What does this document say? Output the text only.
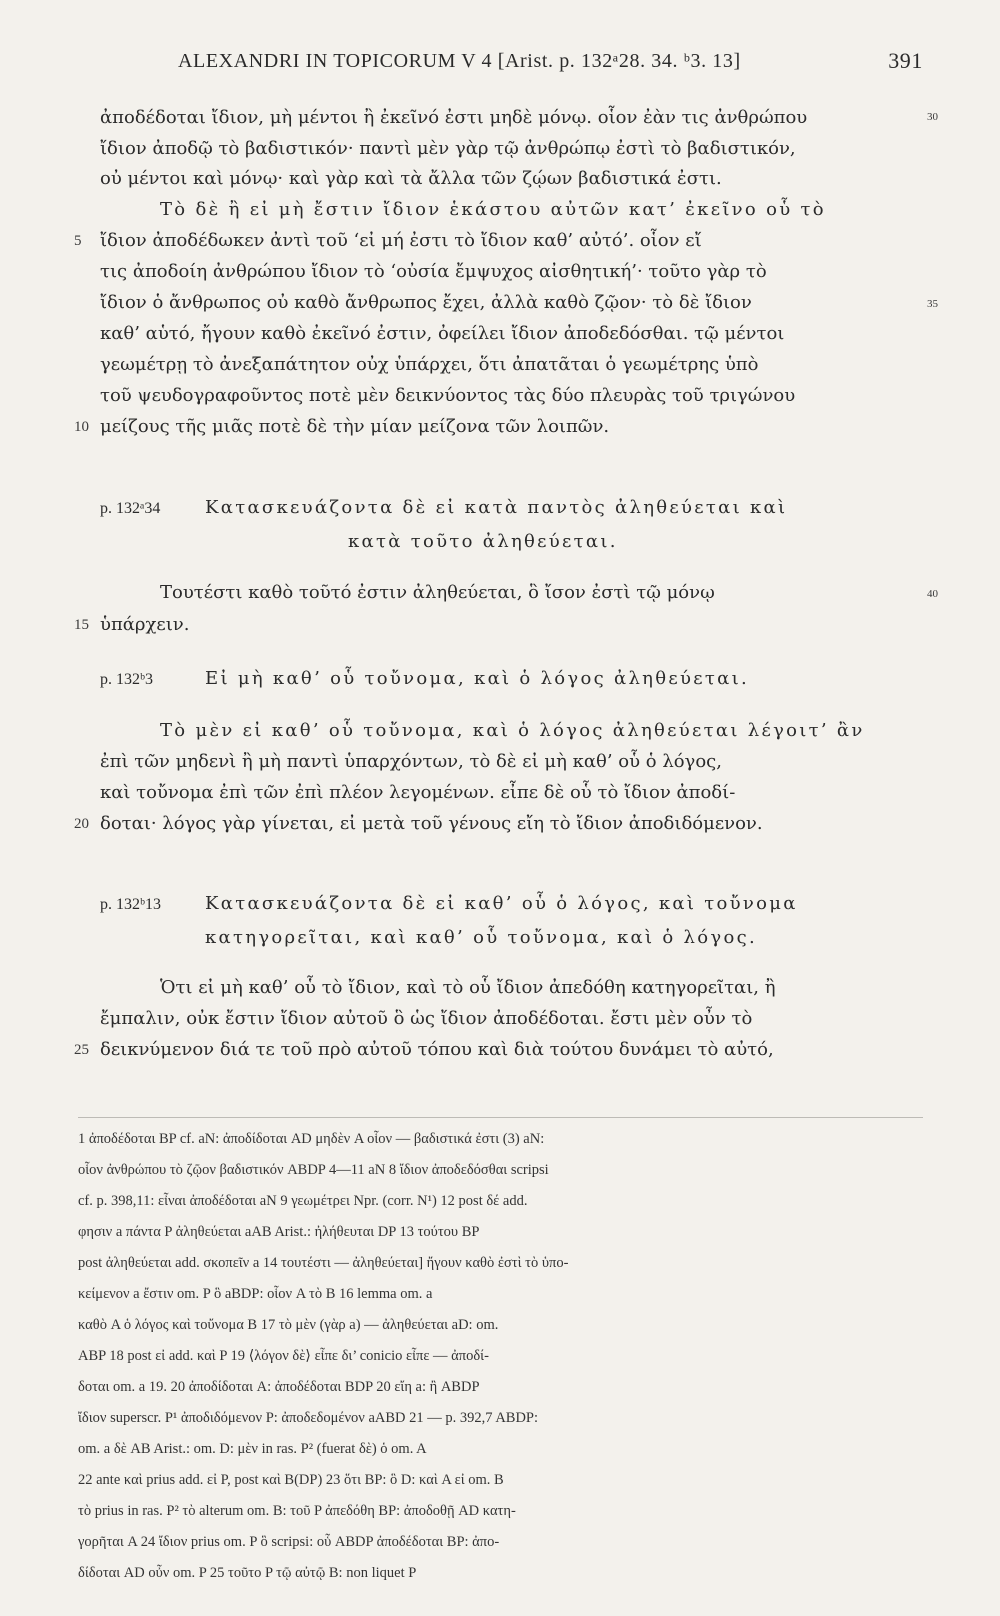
ALEXANDRI IN TOPICORUM V 4 [Arist. p. 132ᵃ28. 34. ᵇ3. 13]	391
ἀποδέδοται ἴδιον, μὴ μέντοι ἢ ἐκεῖνό ἐστι μηδὲ μόνῳ. οἷον ἐὰν τις ἀνθρώπου
ἴδιον ἀποδῷ τὸ βαδιστικόν· παντὶ μὲν γὰρ τῷ ἀνθρώπῳ ἐστὶ τὸ βαδιστικόν,
οὐ μέντοι καὶ μόνῳ· καὶ γὰρ καὶ τὰ ἄλλα τῶν ζῴων βαδιστικά ἐστι.
Τὸ δὲ ἢ εἰ μὴ ἔστιν ἴδιον ἑκάστου αὐτῶν κατ’ ἐκεῖνο οὗ τὸ
ἴδιον ἀποδέδωκεν ἀντὶ τοῦ ‘εἰ μή ἐστι τὸ ἴδιον καθ’ αὐτό’. οἷον εἴ
τις ἀποδοίη ἀνθρώπου ἴδιον τὸ ‘οὐσία ἔμψυχος αἰσθητική’· τοῦτο γὰρ τὸ
ἴδιον ὁ ἄνθρωπος οὐ καθὸ ἄνθρωπος ἔχει, ἀλλὰ καθὸ ζῷον· τὸ δὲ ἴδιον
καθ’ αὑτό, ἤγουν καθὸ ἐκεῖνό ἐστιν, ὀφείλει ἴδιον ἀποδεδόσθαι. τῷ μέντοι
γεωμέτρῃ τὸ ἀνεξαπάτητον οὐχ ὑπάρχει, ὅτι ἀπατᾶται ὁ γεωμέτρης ὑπὸ
τοῦ ψευδογραφοῦντος ποτὲ μὲν δεικνύοντος τὰς δύο πλευρὰς τοῦ τριγώνου
μείζους τῆς μιᾶς ποτὲ δὲ τὴν μίαν μείζονα τῶν λοιπῶν.
p. 132ᵃ34 Κατασκευάζοντα δὲ εἰ κατὰ παντὸς ἀληθεύεται καὶ
κατὰ τοῦτο ἀληθεύεται.
Τουτέστι καθὸ τοῦτό ἐστιν ἀληθεύεται, ὃ ἴσον ἐστὶ τῷ μόνῳ
ὑπάρχειν.
p. 132ᵇ3	Εἰ μὴ καθ’ οὗ τοὔνομα, καὶ ὁ λόγος ἀληθεύεται.
Τὸ μὲν εἰ καθ’ οὗ τοὔνομα, καὶ ὁ λόγος ἀληθεύεται λέγοιτ’ ἂν
ἐπὶ τῶν μηδενὶ ἢ μὴ παντὶ ὑπαρχόντων, τὸ δὲ εἰ μὴ καθ’ οὗ ὁ λόγος,
καὶ τοὔνομα ἐπὶ τῶν ἐπὶ πλέον λεγομένων. εἶπε δὲ οὗ τὸ ἴδιον ἀποδί-
δοται· λόγος γὰρ γίνεται, εἰ μετὰ τοῦ γένους εἴη τὸ ἴδιον ἀποδιδόμενον.
p. 132ᵇ13 Κατασκευάζοντα δὲ εἰ καθ’ οὗ ὁ λόγος, καὶ τοὔνομα
κατηγορεῖται, καὶ καθ’ οὗ τοὔνομα, καὶ ὁ λόγος.
Ὁτι εἰ μὴ καθ’ οὗ τὸ ἴδιον, καὶ τὸ οὗ ἴδιον ἀπεδόθη κατηγορεῖται, ἢ
ἔμπαλιν, οὐκ ἔστιν ἴδιον αὐτοῦ ὃ ὡς ἴδιον ἀποδέδοται. ἔστι μὲν οὖν τὸ
δεικνύμενον διά τε τοῦ πρὸ αὐτοῦ τόπου καὶ διὰ τούτου δυνάμει τὸ αὐτό,
5
10
15
20
25
30
35
40
1 ἀποδέδοται BP cf. aN: ἀποδίδοται AD μηδὲν A οἷον — βαδιστικά ἐστι (3) aN:
οἷον ἀνθρώπου τὸ ζῷον βαδιστικόν ABDP 4—11 aN 8 ἴδιον ἀποδεδόσθαι scripsi
cf. p. 398,11: εἶναι ἀποδέδοται aN 9 γεωμέτρει Npr. (corr. N¹) 12 post δέ add.
φησιν a πάντα P ἀληθεύεται aAB Arist.: ἠλήθευται DP 13 τούτου BP
post ἀληθεύεται add. σκοπεῖν a 14 τουτέστι — ἀληθεύεται] ἤγουν καθὸ ἐστὶ τὸ ὑπο-
κείμενον a ἔστιν om. P ὃ aBDP: οἷον A τὸ B 16 lemma om. a
καθὸ A ὁ λόγος καὶ τοὔνομα B 17 τὸ μὲν (γὰρ a) — ἀληθεύεται aD: om.
ABP 18 post εἰ add. καὶ P 19 ⟨λόγον δὲ⟩ εἶπε δι’ conicio εἶπε — ἀποδί-
δοται om. a 19. 20 ἀποδίδοται A: ἀποδέδοται BDP 20 εἴη a: ἢ ABDP
ἴδιον superscr. P¹ ἀποδιδόμενον P: ἀποδεδομένον aABD 21 — p. 392,7 ABDP:
om. a δὲ AB Arist.: om. D: μὲν in ras. P² (fuerat δὲ) ὁ om. A
22 ante καὶ prius add. εἰ P, post καὶ B(DP) 23 ὅτι BP: ὃ D: καὶ A εἰ om. B
τὸ prius in ras. P² τὸ alterum om. B: τοῦ P ἀπεδόθη BP: ἀποδοθῇ AD κατη-
γορῆται A 24 ἴδιον prius om. P ὃ scripsi: οὗ ABDP ἀποδέδοται BP: ἀπο-
δίδοται AD οὖν om. P 25 τοῦτο P τῷ αὐτῷ B: non liquet P
